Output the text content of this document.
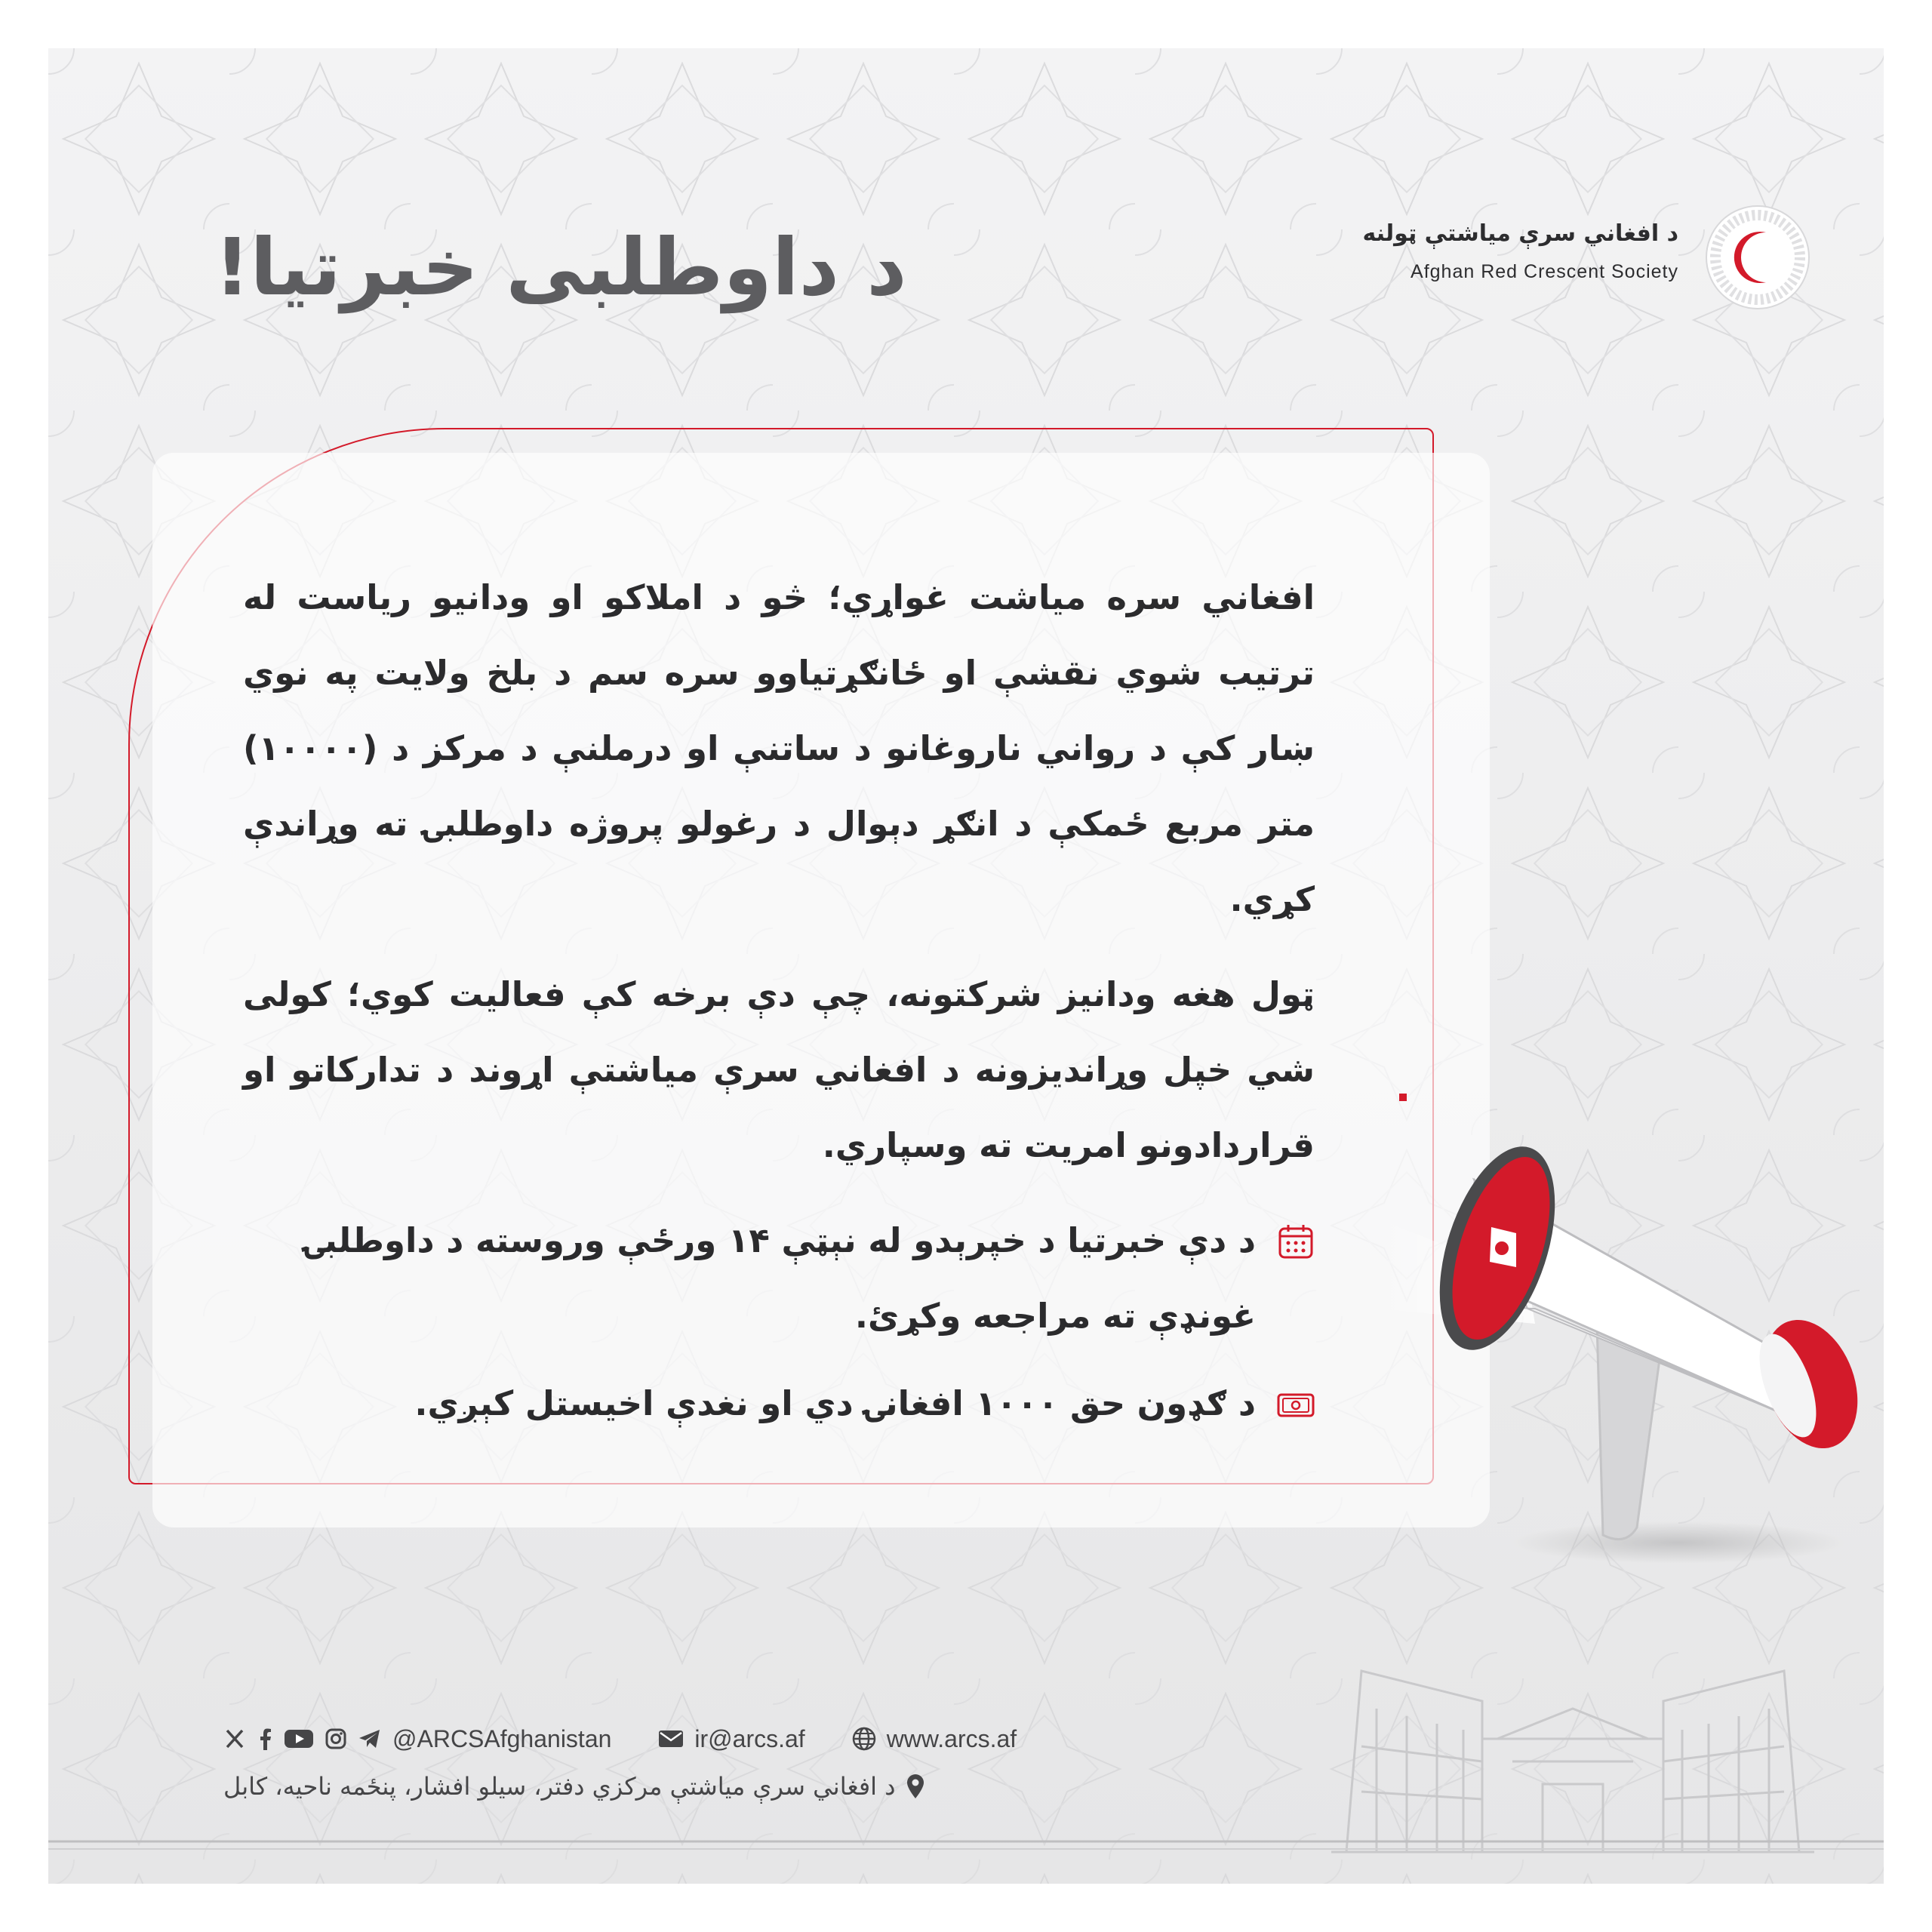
د داوطلبی خبرتیا!	د افغاني سرې میاشتې ټولنه
Afghan Red Crescent Society

افغاني سره میاشت غواړي؛ څو د املاکو او ودانیو ریاست له ترتیب شوي نقشې او ځانګړتیاوو سره سم د بلخ ولایت په نوي ښار کې د رواني ناروغانو د ساتنې او درملنې د مرکز د (۱۰۰۰۰) متر مربع ځمکې د انګړ دېوال د رغولو پروژه داوطلبۍ ته وړاندې کړي.

ټول هغه ودانیز شرکتونه، چې دې برخه کې فعالیت کوي؛ کولی شي خپل وړاندیزونه د افغاني سرې میاشتې اړوند د تدارکاتو او قراردادونو امریت ته وسپاري.

د دې خبرتیا د خپرېدو له نېټې ۱۴ ورځې وروسته د داوطلبۍ غونډې ته مراجعه وکړئ.
د ګډون حق ۱۰۰۰ افغانۍ دي او نغدې اخیستل کېږي.
@ARCSAfghanistan	ir@arcs.af	www.arcs.af
د افغاني سرې میاشتې مرکزي دفتر، سیلو افشار، پنځمه ناحیه، کابل
